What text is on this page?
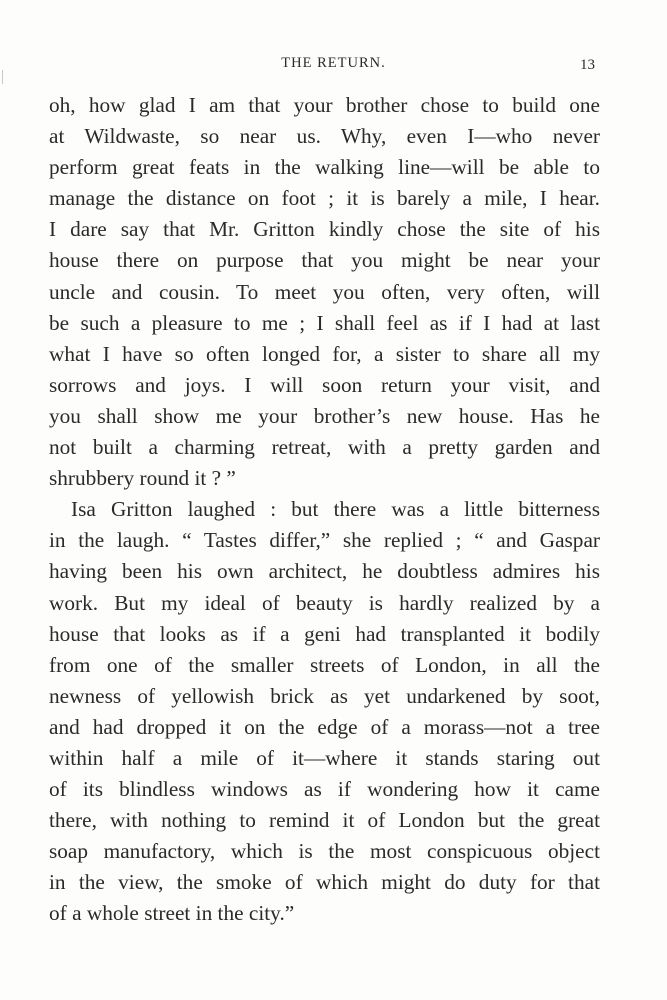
THE RETURN.	13
oh, how glad I am that your brother chose to build one
at Wildwaste, so near us. Why, even I—who never
perform great feats in the walking line—will be able to
manage the distance on foot ; it is barely a mile, I hear.
I dare say that Mr. Gritton kindly chose the site of his
house there on purpose that you might be near your
uncle and cousin. To meet you often, very often, will
be such a pleasure to me ; I shall feel as if I had at last
what I have so often longed for, a sister to share all my
sorrows and joys. I will soon return your visit, and
you shall show me your brother’s new house. Has he
not built a charming retreat, with a pretty garden and
shrubbery round it ? ”
Isa Gritton laughed : but there was a little bitterness
in the laugh. “ Tastes differ,” she replied ; “ and Gaspar
having been his own architect, he doubtless admires his
work. But my ideal of beauty is hardly realized by a
house that looks as if a geni had transplanted it bodily
from one of the smaller streets of London, in all the
newness of yellowish brick as yet undarkened by soot,
and had dropped it on the edge of a morass—not a tree
within half a mile of it—where it stands staring out
of its blindless windows as if wondering how it came
there, with nothing to remind it of London but the great
soap manufactory, which is the most conspicuous object
in the view, the smoke of which might do duty for that
of a whole street in the city.”
